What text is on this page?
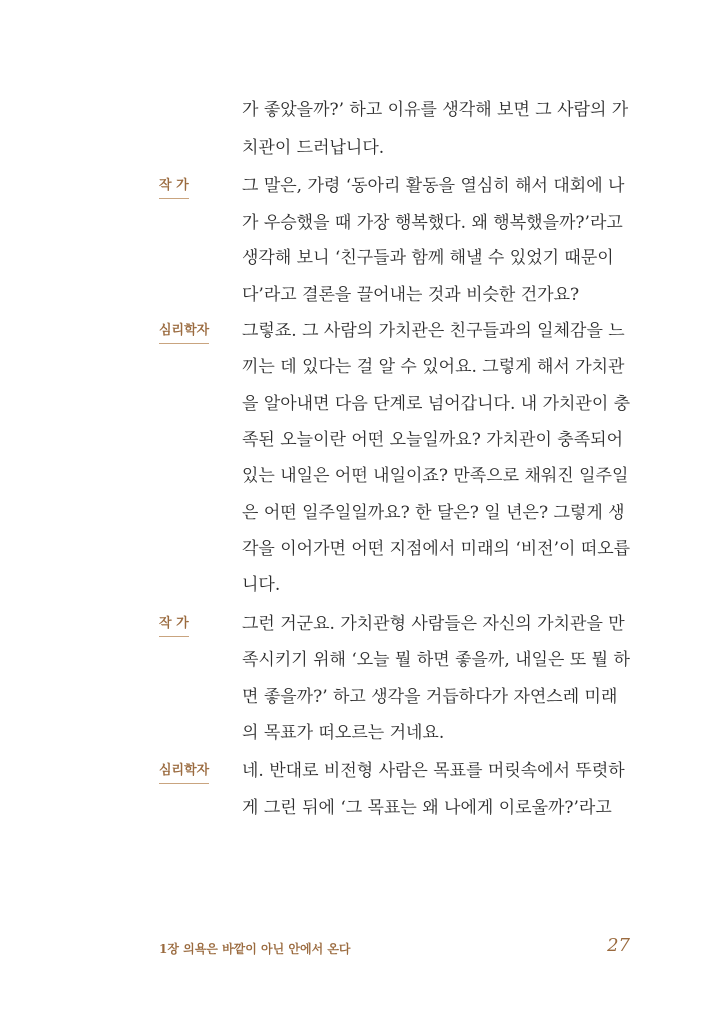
가 좋았을까?’ 하고 이유를 생각해 보면 그 사람의 가
치관이 드러납니다.
작 가	그 말은, 가령 ‘동아리 활동을 열심히 해서 대회에 나
가 우승했을 때 가장 행복했다. 왜 행복했을까?’라고
생각해 보니 ‘친구들과 함께 해낼 수 있었기 때문이
다’라고 결론을 끌어내는 것과 비슷한 건가요?
심리학자 그렇죠. 그 사람의 가치관은 친구들과의 일체감을 느
끼는 데 있다는 걸 알 수 있어요. 그렇게 해서 가치관
을 알아내면 다음 단계로 넘어갑니다. 내 가치관이 충
족된 오늘이란 어떤 오늘일까요? 가치관이 충족되어
있는 내일은 어떤 내일이죠? 만족으로 채워진 일주일
은 어떤 일주일일까요? 한 달은? 일 년은? 그렇게 생
각을 이어가면 어떤 지점에서 미래의 ‘비전’이 떠오릅
니다.
작 가	그런 거군요. 가치관형 사람들은 자신의 가치관을 만
족시키기 위해 ‘오늘 뭘 하면 좋을까, 내일은 또 뭘 하
면 좋을까?’ 하고 생각을 거듭하다가 자연스레 미래
의 목표가 떠오르는 거네요.
심리학자 네. 반대로 비전형 사람은 목표를 머릿속에서 뚜렷하
게 그린 뒤에 ‘그 목표는 왜 나에게 이로울까?’라고
1장 의욕은 바깥이 아닌 안에서 온다	27
